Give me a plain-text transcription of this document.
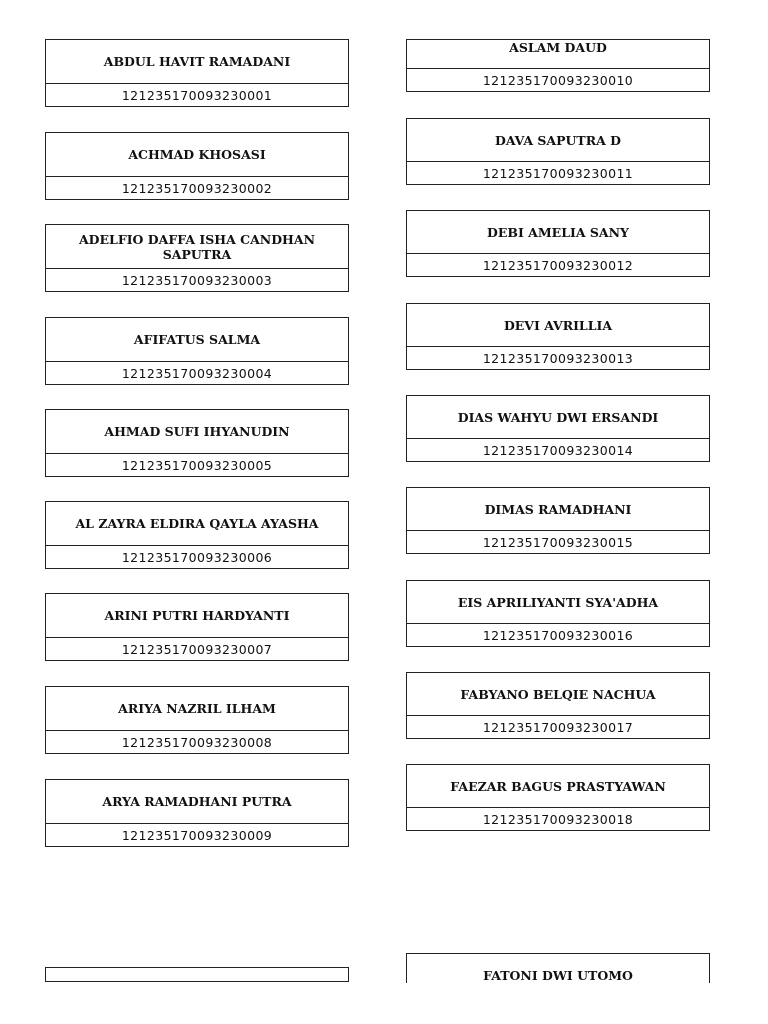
ABDUL HAVIT RAMADANI
121235170093230001
ACHMAD KHOSASI
121235170093230002
ADELFIO DAFFA ISHA CANDHAN SAPUTRA
121235170093230003
AFIFATUS SALMA
121235170093230004
AHMAD SUFI IHYANUDIN
121235170093230005
AL ZAYRA ELDIRA QAYLA AYASHA
121235170093230006
ARINI PUTRI HARDYANTI
121235170093230007
ARIYA NAZRIL ILHAM
121235170093230008
ARYA RAMADHANI PUTRA
121235170093230009
ASLAM DAUD
121235170093230010
DAVA SAPUTRA D
121235170093230011
DEBI AMELIA SANY
121235170093230012
DEVI AVRILLIA
121235170093230013
DIAS WAHYU DWI ERSANDI
121235170093230014
DIMAS RAMADHANI
121235170093230015
EIS APRILIYANTI SYA'ADHA
121235170093230016
FABYANO BELQIE NACHUA
121235170093230017
FAEZAR BAGUS PRASTYAWAN
121235170093230018
FATONI DWI UTOMO
